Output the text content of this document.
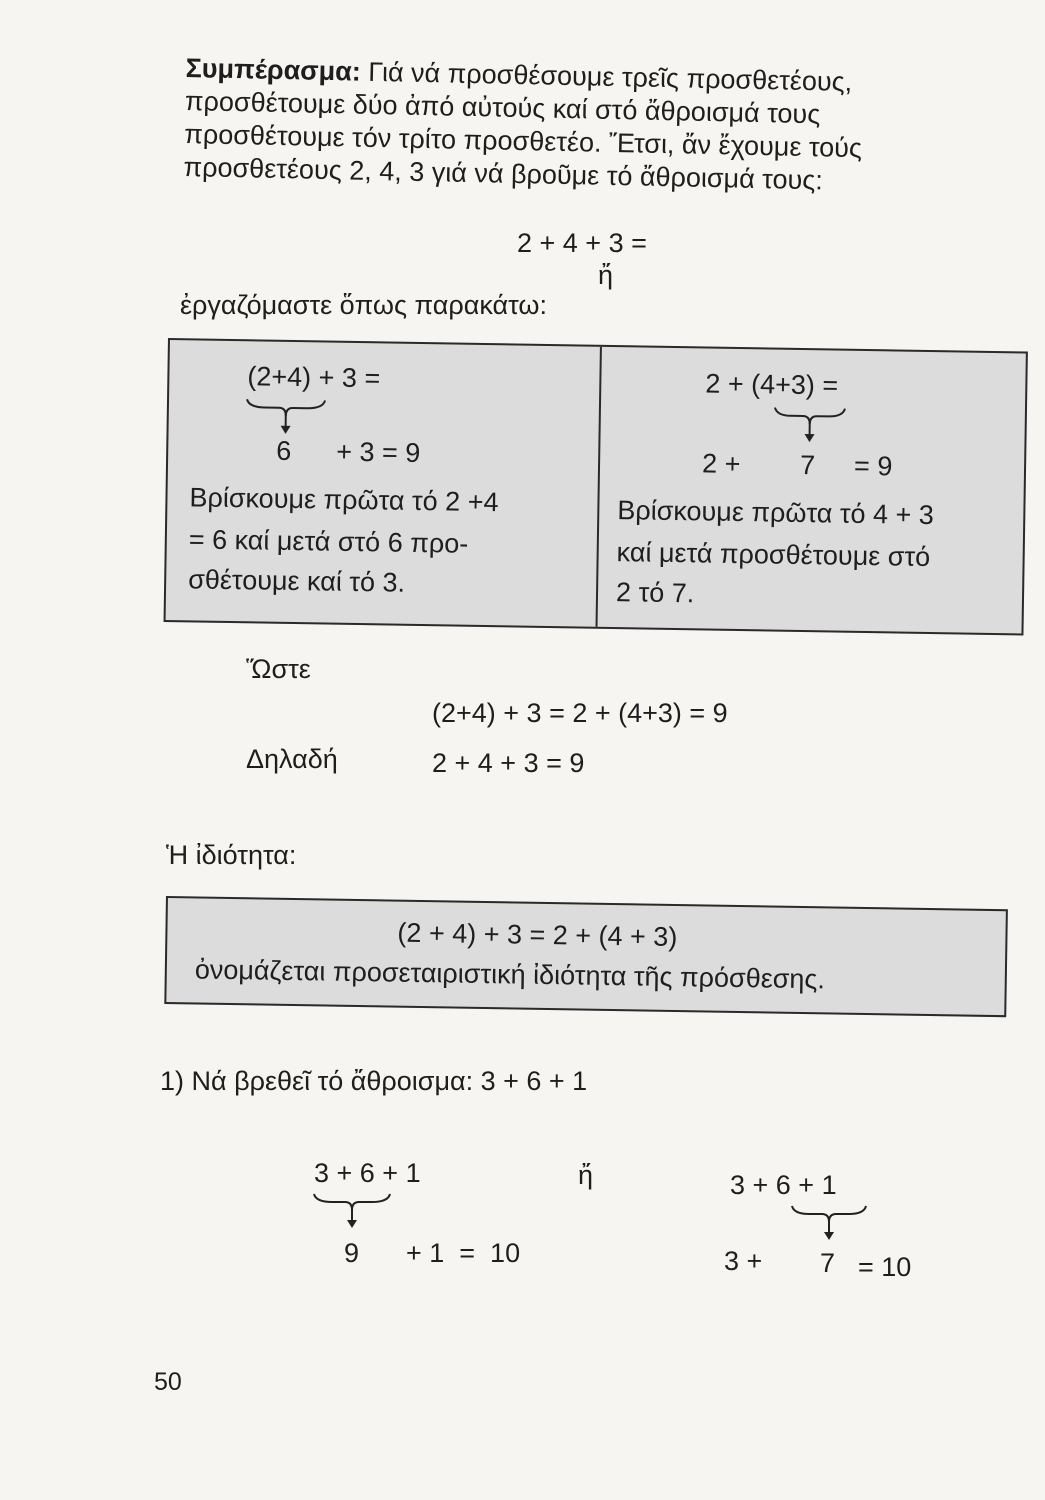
Συμπέρασμα: Γιά νά προσθέσουμε τρεῖς προσθετέους,
προσθέτουμε δύο ἀπό αὐτούς καί στό ἄθροισμά τους
προσθέτουμε τόν τρίτο προσθετέο. Ἔτσι, ἄν ἔχουμε τούς
προσθετέους 2, 4, 3 γιά νά βροῦμε τό ἄθροισμά τους:
2 + 4 + 3 =
ἤ
ἐργαζόμαστε ὅπως παρακάτω:
(2+4) + 3 =
6 + 3 = 9
Βρίσκουμε πρῶτα τό 2 +4
= 6 καί μετά στό 6 προ-
σθέτουμε καί τό 3.
2 + (4+3) =
2 + 7 = 9
Βρίσκουμε πρῶτα τό 4 + 3
καί μετά προσθέτουμε στό
2 τό 7.
Ὥστε
(2+4) + 3 = 2 + (4+3) = 9
Δηλαδή	2 + 4 + 3 = 9
Ἡ ἰδιότητα:
(2 + 4) + 3 = 2 + (4 + 3)
ὀνομάζεται προσεταιριστική ἰδιότητα τῆς πρόσθεσης.
1) Νά βρεθεῖ τό ἄθροισμα: 3 + 6 + 1
3 + 6 + 1
9 + 1  =  10
ἤ	3 + 6 + 1
3 + 7 = 10
50
